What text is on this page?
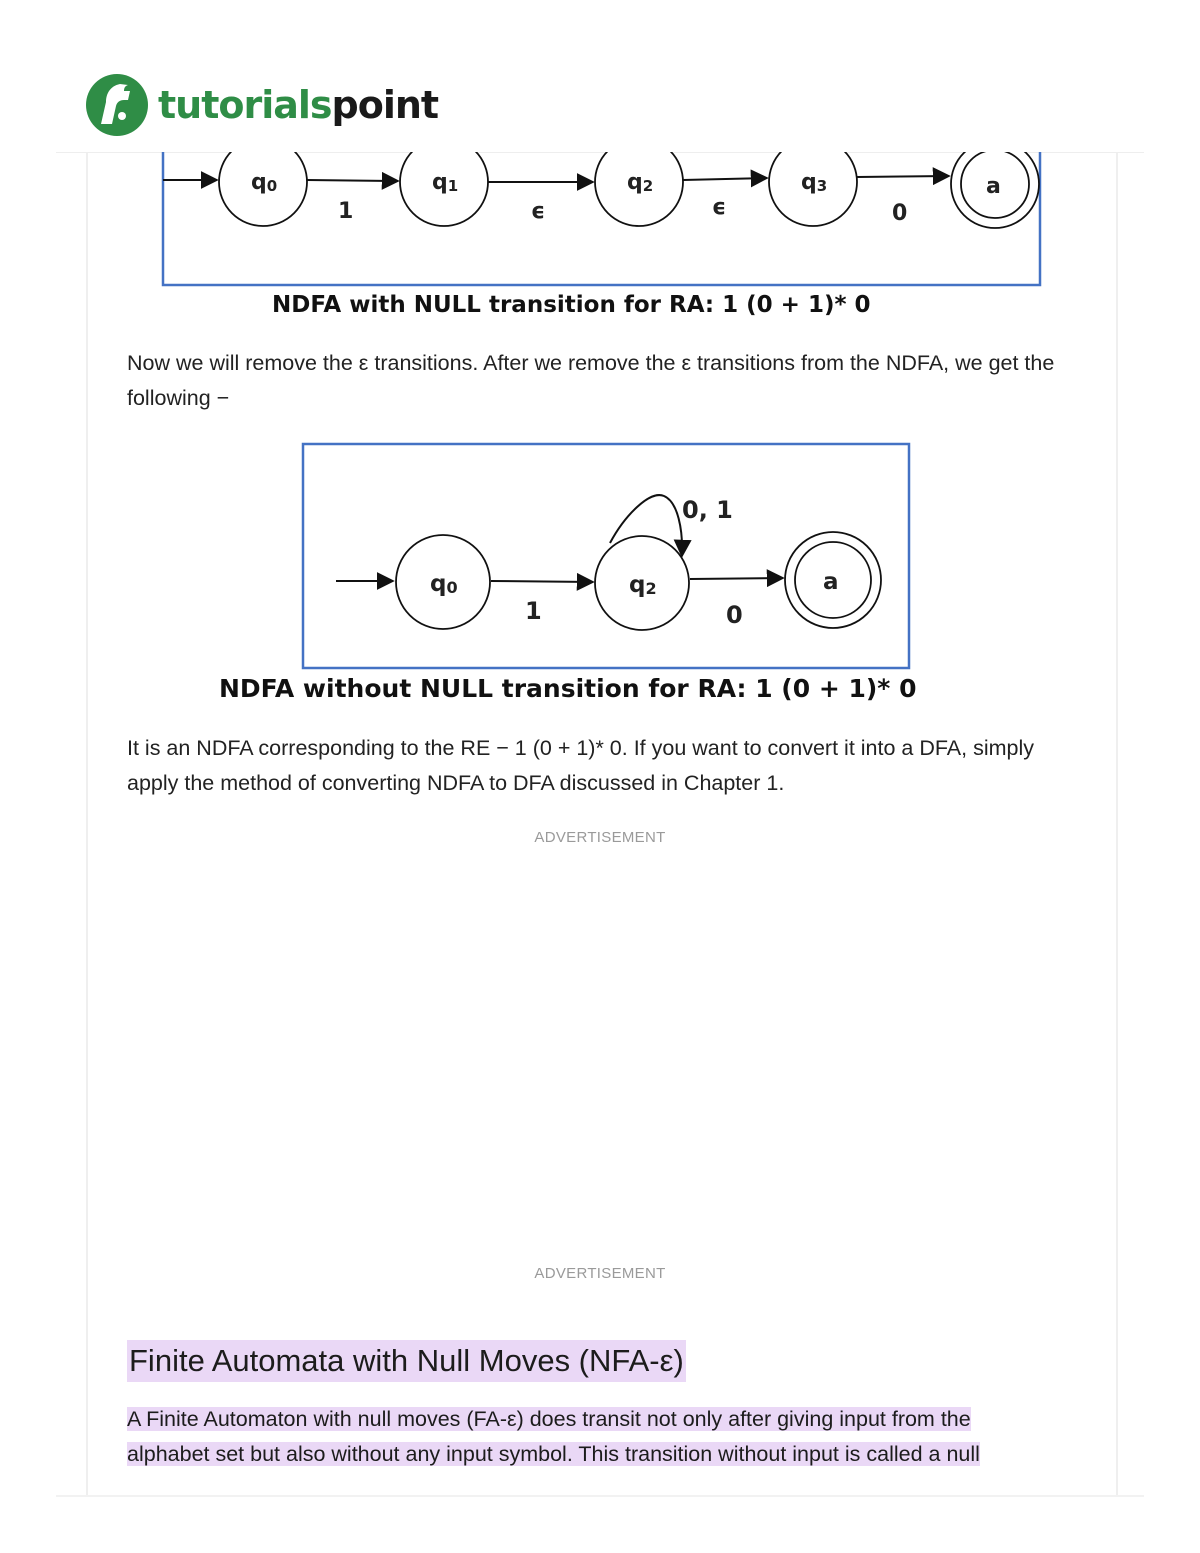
tutorialspoint
q0	q1	q2	q3	a
1	ϵ	ϵ	0
NDFA with NULL transition for RA: 1 (0 + 1)* 0
Now we will remove the ε transitions. After we remove the ε transitions from the NDFA, we get the following −
q0	q2	a
1	0
0, 1
NDFA without NULL transition for RA: 1 (0 + 1)* 0
It is an NDFA corresponding to the RE − 1 (0 + 1)* 0. If you want to convert it into a DFA, simply apply the method of converting NDFA to DFA discussed in Chapter 1.
ADVERTISEMENT
ADVERTISEMENT
Finite Automata with Null Moves (NFA-ε)
A Finite Automaton with null moves (FA-ε) does transit not only after giving input from the
alphabet set but also without any input symbol. This transition without input is called a null
